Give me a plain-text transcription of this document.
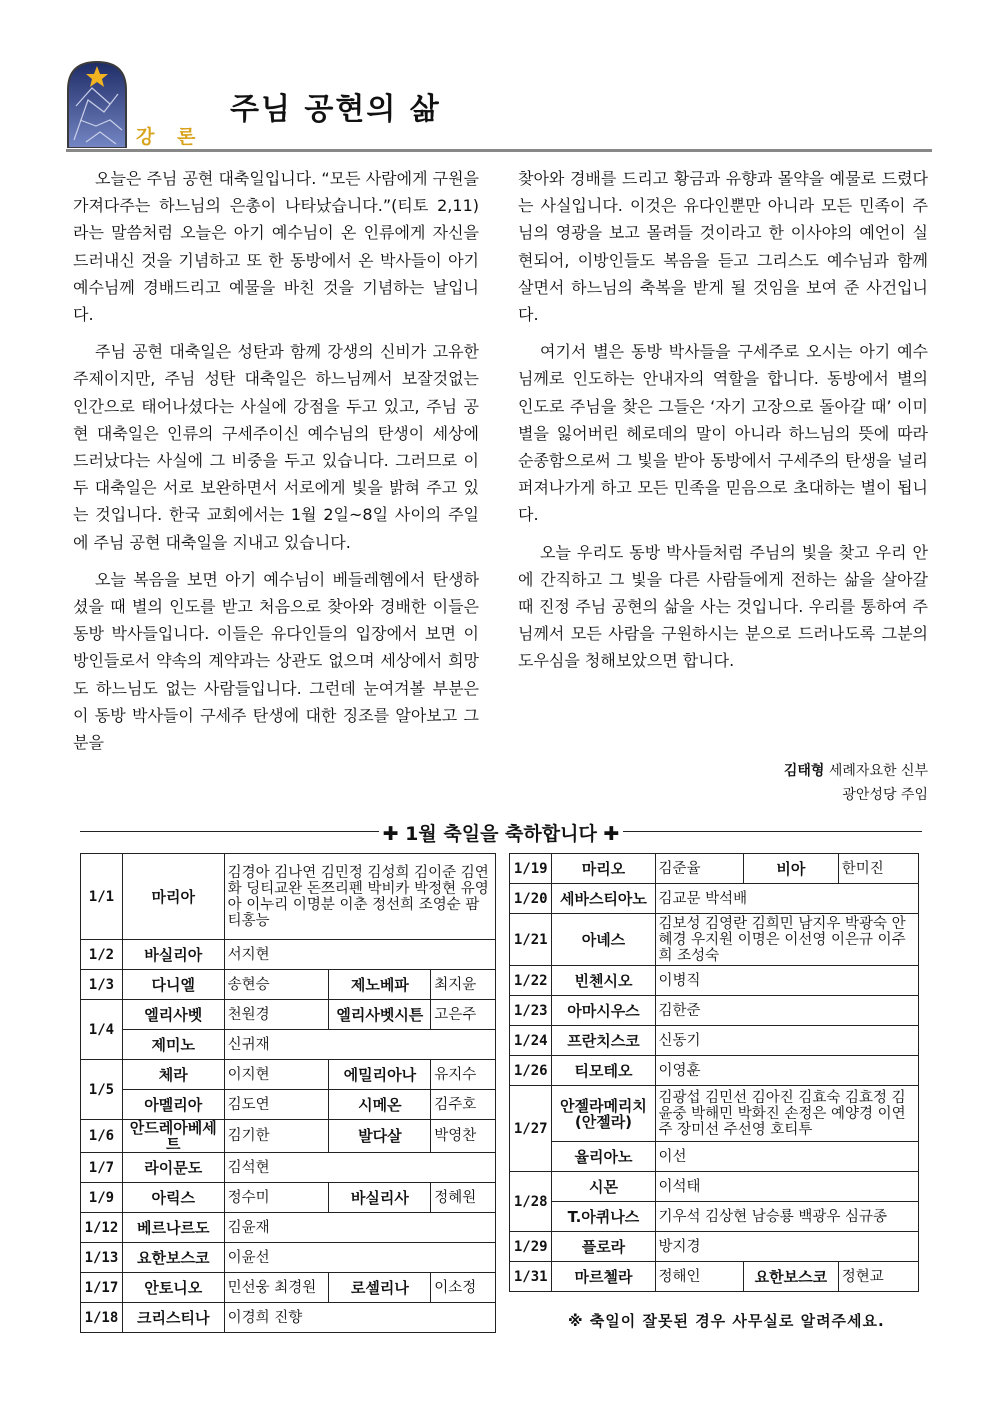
강 론
주님 공현의 삶

오늘은 주님 공현 대축일입니다. “모든 사람에게 구원을 가져다주는 하느님의 은총이 나타났습니다.”(티토 2,11)라는 말씀처럼 오늘은 아기 예수님이 온 인류에게 자신을 드러내신 것을 기념하고 또 한 동방에서 온 박사들이 아기 예수님께 경배드리고 예물을 바친 것을 기념하는 날입니다.

주님 공현 대축일은 성탄과 함께 강생의 신비가 고유한 주제이지만, 주님 성탄 대축일은 하느님께서 보잘것없는 인간으로 태어나셨다는 사실에 강점을 두고 있고, 주님 공현 대축일은 인류의 구세주이신 예수님의 탄생이 세상에 드러났다는 사실에 그 비중을 두고 있습니다. 그러므로 이 두 대축일은 서로 보완하면서 서로에게 빛을 밝혀 주고 있는 것입니다. 한국 교회에서는 1월 2일~8일 사이의 주일에 주님 공현 대축일을 지내고 있습니다.

오늘 복음을 보면 아기 예수님이 베들레헴에서 탄생하셨을 때 별의 인도를 받고 처음으로 찾아와 경배한 이들은 동방 박사들입니다. 이들은 유다인들의 입장에서 보면 이방인들로서 약속의 계약과는 상관도 없으며 세상에서 희망도 하느님도 없는 사람들입니다. 그런데 눈여겨볼 부분은 이 동방 박사들이 구세주 탄생에 대한 징조를 알아보고 그분을

찾아와 경배를 드리고 황금과 유향과 몰약을 예물로 드렸다는 사실입니다. 이것은 유다인뿐만 아니라 모든 민족이 주님의 영광을 보고 몰려들 것이라고 한 이사야의 예언이 실현되어, 이방인들도 복음을 듣고 그리스도 예수님과 함께 살면서 하느님의 축복을 받게 될 것임을 보여 준 사건입니다.

여기서 별은 동방 박사들을 구세주로 오시는 아기 예수님께로 인도하는 안내자의 역할을 합니다. 동방에서 별의 인도로 주님을 찾은 그들은 ‘자기 고장으로 돌아갈 때’ 이미 별을 잃어버린 헤로데의 말이 아니라 하느님의 뜻에 따라 순종함으로써 그 빛을 받아 동방에서 구세주의 탄생을 널리 퍼져나가게 하고 모든 민족을 믿음으로 초대하는 별이 됩니다.

오늘 우리도 동방 박사들처럼 주님의 빛을 찾고 우리 안에 간직하고 그 빛을 다른 사람들에게 전하는 삶을 살아갈 때 진정 주님 공현의 삶을 사는 것입니다. 우리를 통하여 주님께서 모든 사람을 구원하시는 분으로 드러나도록 그분의 도우심을 청해보았으면 합니다.

김태형 세례자요한 신부
광안성당 주임
✚ 1월 축일을 축하합니다 ✚
1/1	마리아	김경아 김나연 김민정 김성희 김이준 김연화 딩티교완 돈쯔리펜 박비카 박정현 유영아 이누리 이명분 이춘 정선희 조영순 팜티홍능		
1/2	바실리아	서지현		
1/3	다니엘	송현승	제노베파	최지윤
1/4	엘리사벳	천원경	엘리사벳시튼	고은주
	제미노	신귀재		
1/5	체라	이지현	에밀리아나	유지수
	아멜리아	김도연	시메온	김주호
1/6	안드레아베세트	김기한	발다살	박영찬
1/7	라이문도	김석현		
1/9	아릭스	정수미	바실리사	정혜원
1/12	베르나르도	김윤재		
1/13	요한보스코	이윤선		
1/17	안토니오	민선웅 최경원	로셀리나	이소정
1/18	크리스티나	이경희 진향		
1/19	마리오	김준율	비아	한미진
1/20	세바스티아노	김교문 박석배		
1/21	아녜스	김보성 김영란 김희민 남지우 박광숙 안혜경 우지원 이명은 이선영 이은규 이주희 조성숙		
1/22	빈첸시오	이병직		
1/23	아마시우스	김한준		
1/24	프란치스코	신동기		
1/26	티모테오	이영훈		
1/27	안젤라메리치 (안젤라)	김광섭 김민선 김아진 김효숙 김효정 김윤중 박해민 박화진 손정은 예양경 이연주 장미선 주선영 호티투		
	율리아노	이선		
1/28	시몬	이석태		
	T.아퀴나스	기우석 김상현 남승룡 백광우 심규종		
1/29	플로라	방지경		
1/31	마르첼라	정해인	요한보스코	정현교
※ 축일이 잘못된 경우 사무실로 알려주세요.
